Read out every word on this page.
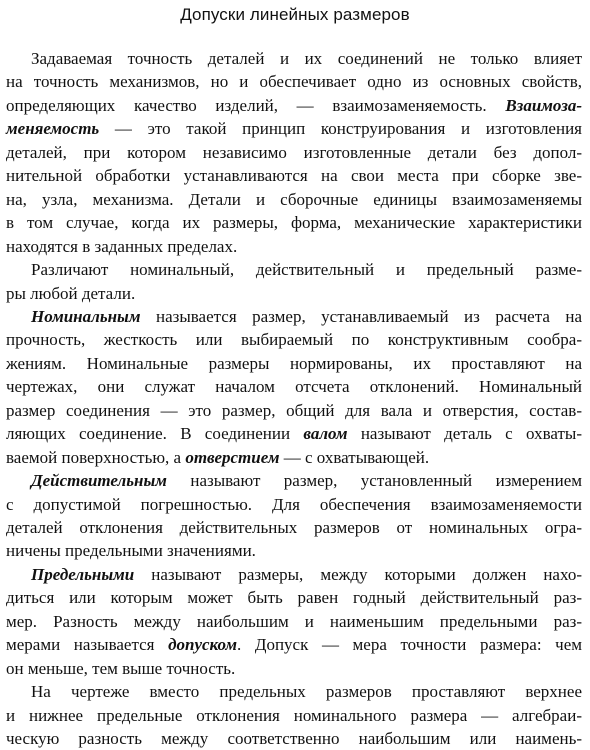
Допуски линейных размеров
Задаваемая точность деталей и их соединений не только влияет
на точность механизмов, но и обеспечивает одно из основных свойств,
определяющих качество изделий, — взаимозаменяемость. Взаимоза-
меняемость — это такой принцип конструирования и изготовления
деталей, при котором независимо изготовленные детали без допол-
нительной обработки устанавливаются на свои места при сборке зве-
на, узла, механизма. Детали и сборочные единицы взаимозаменяемы
в том случае, когда их размеры, форма, механические характеристики
находятся в заданных пределах.
Различают номинальный, действительный и предельный разме-
ры любой детали.
Номинальным называется размер, устанавливаемый из расчета на
прочность, жесткость или выбираемый по конструктивным сообра-
жениям. Номинальные размеры нормированы, их проставляют на
чертежах, они служат началом отсчета отклонений. Номинальный
размер соединения — это размер, общий для вала и отверстия, состав-
ляющих соединение. В соединении валом называют деталь с охваты-
ваемой поверхностью, а отверстием — с охватывающей.
Действительным называют размер, установленный измерением
с допустимой погрешностью. Для обеспечения взаимозаменяемости
деталей отклонения действительных размеров от номинальных огра-
ничены предельными значениями.
Предельными называют размеры, между которыми должен нахо-
диться или которым может быть равен годный действительный раз-
мер. Разность между наибольшим и наименьшим предельными раз-
мерами называется допуском. Допуск — мера точности размера: чем
он меньше, тем выше точность.
На чертеже вместо предельных размеров проставляют верхнее
и нижнее предельные отклонения номинального размера — алгебраи-
ческую разность между соответственно наибольшим или наимень-
